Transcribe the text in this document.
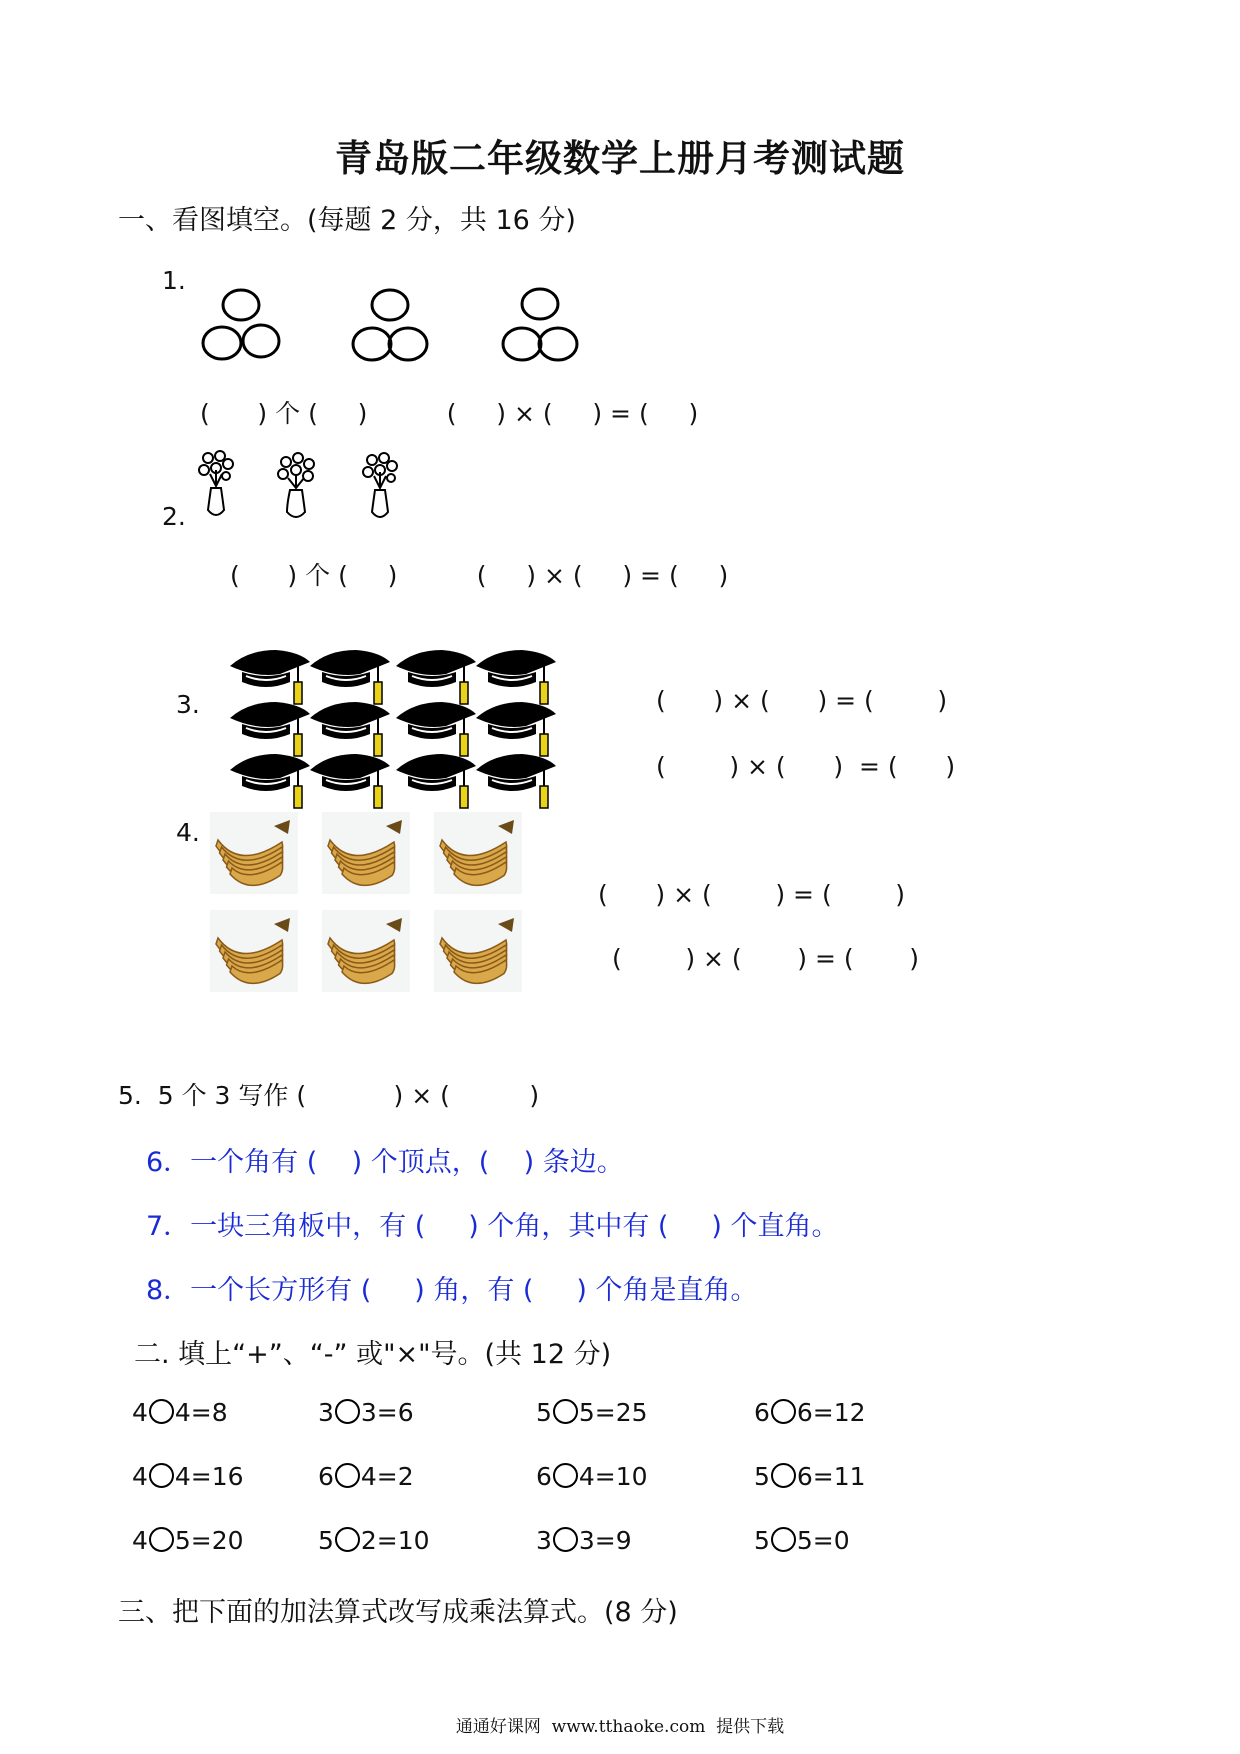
青岛版二年级数学上册月考测试题
一、看图填空。(每题 2 分，共 16 分)
1.
(      ) 个 (     )          (     ) × (     ) = (     )
2.
(      ) 个 (     )          (     ) × (     ) = (     )
3.	(      ) × (      ) = (        )
(        ) × (      )  = (      )
4.
(      ) × (        ) = (        )
(        ) × (       ) = (       )
5.  5 个 3 写作 (           ) × (          )
6．一个角有 (    ) 个顶点，(    ) 条边。
7．一块三角板中，有 (     ) 个角，其中有 (     ) 个直角。
8．一个长方形有 (     ) 角，有 (     ) 个角是直角。
二. 填上“+”、“-” 或"×"号。(共 12 分)
4 4=8	3 3=6	5 5=25	6 6=12
4 4=16	6 4=2	6 4=10	5 6=11
4 5=20	5 2=10	3 3=9	5 5=0
三、把下面的加法算式改写成乘法算式。(8 分)
通通好课网  www.tthaoke.com  提供下载
